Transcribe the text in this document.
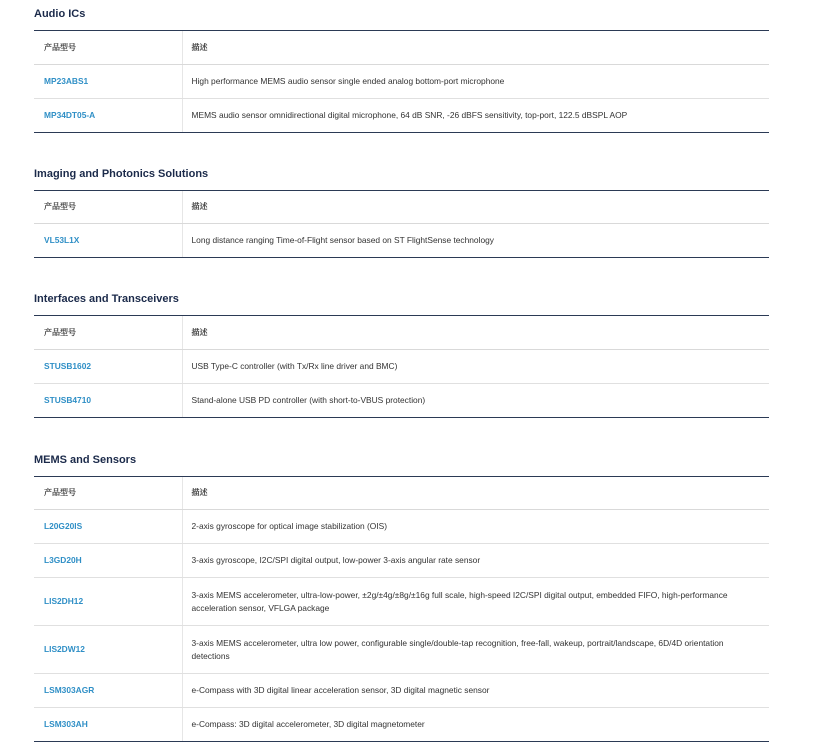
Audio ICs
产品型号	描述
MP23ABS1	High performance MEMS audio sensor single ended analog bottom-port microphone
MP34DT05-A	MEMS audio sensor omnidirectional digital microphone, 64 dB SNR, -26 dBFS sensitivity, top-port, 122.5 dBSPL AOP
Imaging and Photonics Solutions
产品型号	描述
VL53L1X	Long distance ranging Time-of-Flight sensor based on ST FlightSense technology
Interfaces and Transceivers
产品型号	描述
STUSB1602	USB Type-C controller (with Tx/Rx line driver and BMC)
STUSB4710	Stand-alone USB PD controller (with short-to-VBUS protection)
MEMS and Sensors
产品型号	描述
L20G20IS	2-axis gyroscope for optical image stabilization (OIS)
L3GD20H	3-axis gyroscope, I2C/SPI digital output, low-power 3-axis angular rate sensor
LIS2DH12	3-axis MEMS accelerometer, ultra-low-power, ±2g/±4g/±8g/±16g full scale, high-speed I2C/SPI digital output, embedded FIFO, high-performance acceleration sensor, VFLGA package
LIS2DW12	3-axis MEMS accelerometer, ultra low power, configurable single/double-tap recognition, free-fall, wakeup, portrait/landscape, 6D/4D orientation detections
LSM303AGR	e-Compass with 3D digital linear acceleration sensor, 3D digital magnetic sensor
LSM303AH	e-Compass: 3D digital accelerometer, 3D digital magnetometer
